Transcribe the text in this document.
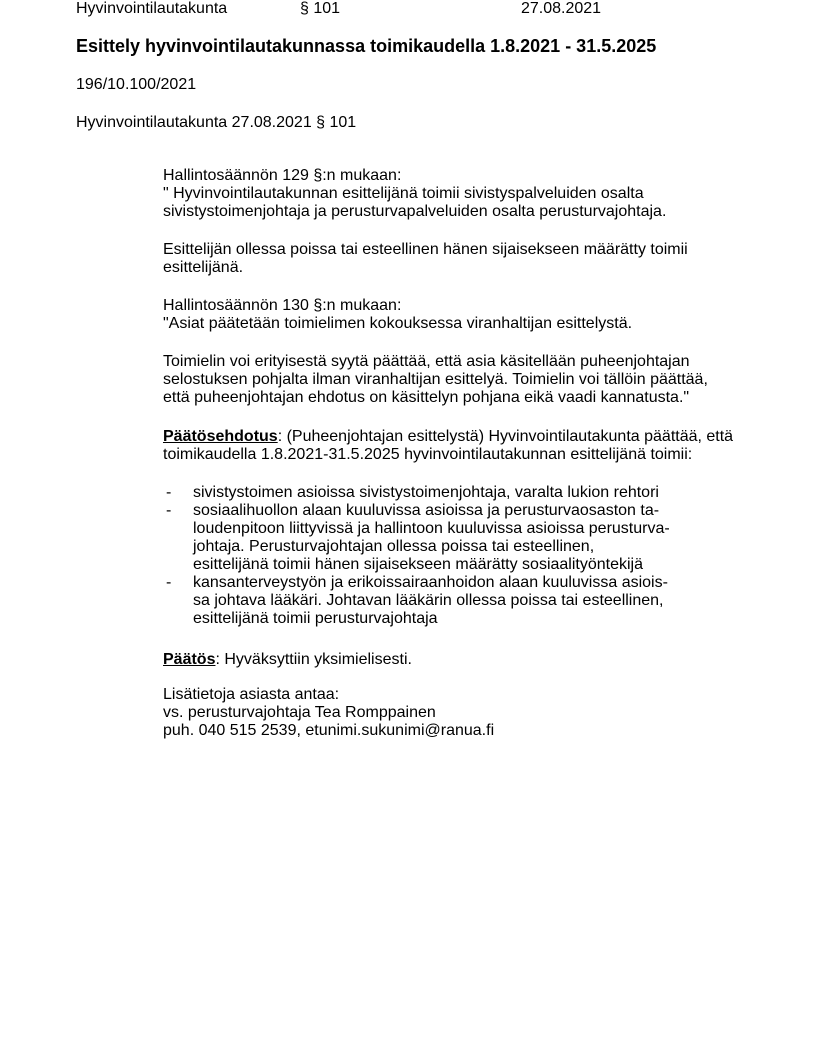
Hyvinvointilautakunta	§ 101	27.08.2021
Esittely hyvinvointilautakunnassa toimikaudella 1.8.2021 - 31.5.2025
196/10.100/2021
Hyvinvointilautakunta 27.08.2021 § 101
Hallintosäännön 129 §:n mukaan:
" Hyvinvointilautakunnan esittelijänä toimii sivistyspalveluiden osalta
sivistystoimenjohtaja ja perusturvapalveluiden osalta perusturvajohtaja.
Esittelijän ollessa poissa tai esteellinen hänen sijaisekseen määrätty toimii
esittelijänä.
Hallintosäännön 130 §:n mukaan:
"Asiat päätetään toimielimen kokouksessa viranhaltijan esittelystä.
Toimielin voi erityisestä syytä päättää, että asia käsitellään puheenjohtajan
selostuksen pohjalta ilman viranhaltijan esittelyä. Toimielin voi tällöin päättää,
että puheenjohtajan ehdotus on käsittelyn pohjana eikä vaadi kannatusta."
Päätösehdotus: (Puheenjohtajan esittelystä) Hyvinvointilautakunta päättää, että
toimikaudella 1.8.2021-31.5.2025 hyvinvointilautakunnan esittelijänä toimii:
- sivistystoimen asioissa sivistystoimenjohtaja, varalta lukion rehtori
- sosiaalihuollon alaan kuuluvissa asioissa ja perusturvaosaston ta-
loudenpitoon liittyvissä ja hallintoon kuuluvissa asioissa perusturva-
johtaja. Perusturvajohtajan ollessa poissa tai esteellinen,
esittelijänä toimii hänen sijaisekseen määrätty sosiaalityöntekijä
- kansanterveystyön ja erikoissairaanhoidon alaan kuuluvissa asiois-
sa johtava lääkäri. Johtavan lääkärin ollessa poissa tai esteellinen,
esittelijänä toimii perusturvajohtaja
Päätös: Hyväksyttiin yksimielisesti.
Lisätietoja asiasta antaa:
vs. perusturvajohtaja Tea Romppainen
puh. 040 515 2539, etunimi.sukunimi@ranua.fi
